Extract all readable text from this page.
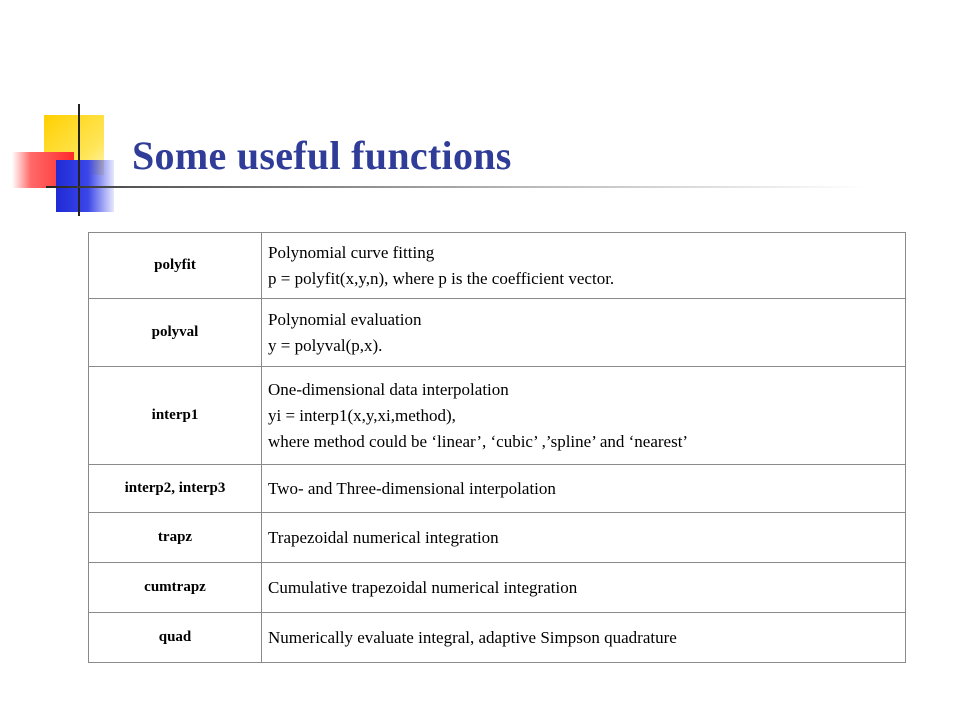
Some useful functions
polyfit	Polynomial curve fitting
p = polyfit(x,y,n), where p is the coefficient vector.

polyval	Polynomial evaluation
y = polyval(p,x).

interp1	One-dimensional data interpolation
yi = interp1(x,y,xi,method),
where method could be ‘linear’, ‘cubic’ ,’spline’ and ‘nearest’

interp2, interp3	Two- and Three-dimensional interpolation

trapz	Trapezoidal numerical integration

cumtrapz	Cumulative trapezoidal numerical integration

quad	Numerically evaluate integral, adaptive Simpson quadrature
